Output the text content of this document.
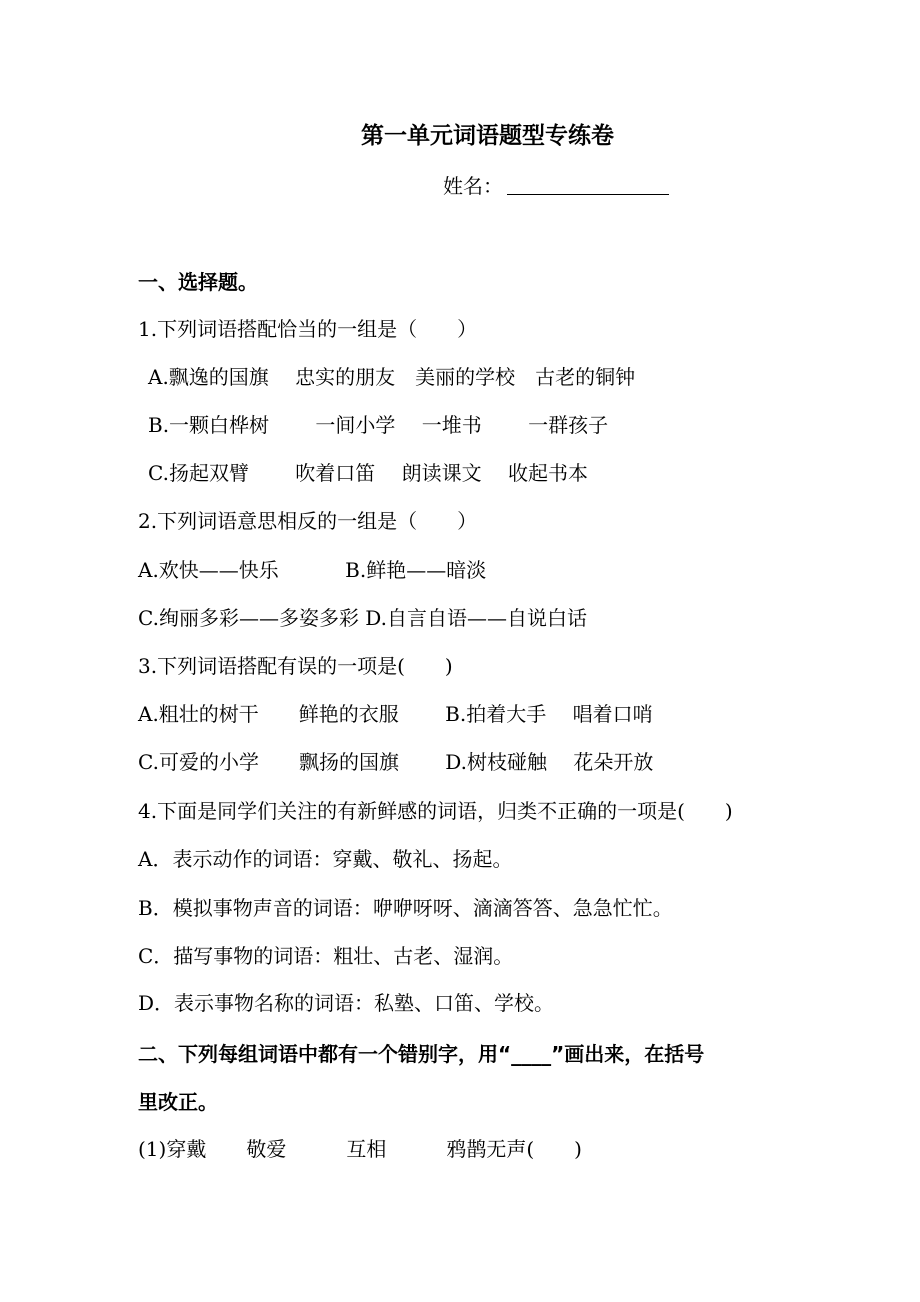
第一单元词语题型专练卷
姓名：
一、选择题。
1.下列词语搭配恰当的一组是（　　）
A.飘逸的国旗　 忠实的朋友　美丽的学校　古老的铜钟
B.一颗白桦树　　 一间小学　 一堆书　　 一群孩子
C.扬起双臂　　 吹着口笛　 朗读课文　 收起书本
2.下列词语意思相反的一组是（　　）
A.欢快——快乐　　　 B.鲜艳——暗淡
C.绚丽多彩——多姿多彩 D.自言自语——自说白话
3.下列词语搭配有误的一项是(　　)
A.粗壮的树干　　鲜艳的衣服　　 B.拍着大手　 唱着口哨
C.可爱的小学　　飘扬的国旗　　 D.树枝碰触　 花朵开放
4.下面是同学们关注的有新鲜感的词语，归类不正确的一项是(　　)
A．表示动作的词语：穿戴、敬礼、扬起。
B．模拟事物声音的词语：咿咿呀呀、滴滴答答、急急忙忙。
C．描写事物的词语：粗壮、古老、湿润。
D．表示事物名称的词语：私塾、口笛、学校。
二、下列每组词语中都有一个错别字，用“____”画出来，在括号
里改正。
(1)穿戴　　敬爱　　　互相　　　鸦鹊无声(　　)
